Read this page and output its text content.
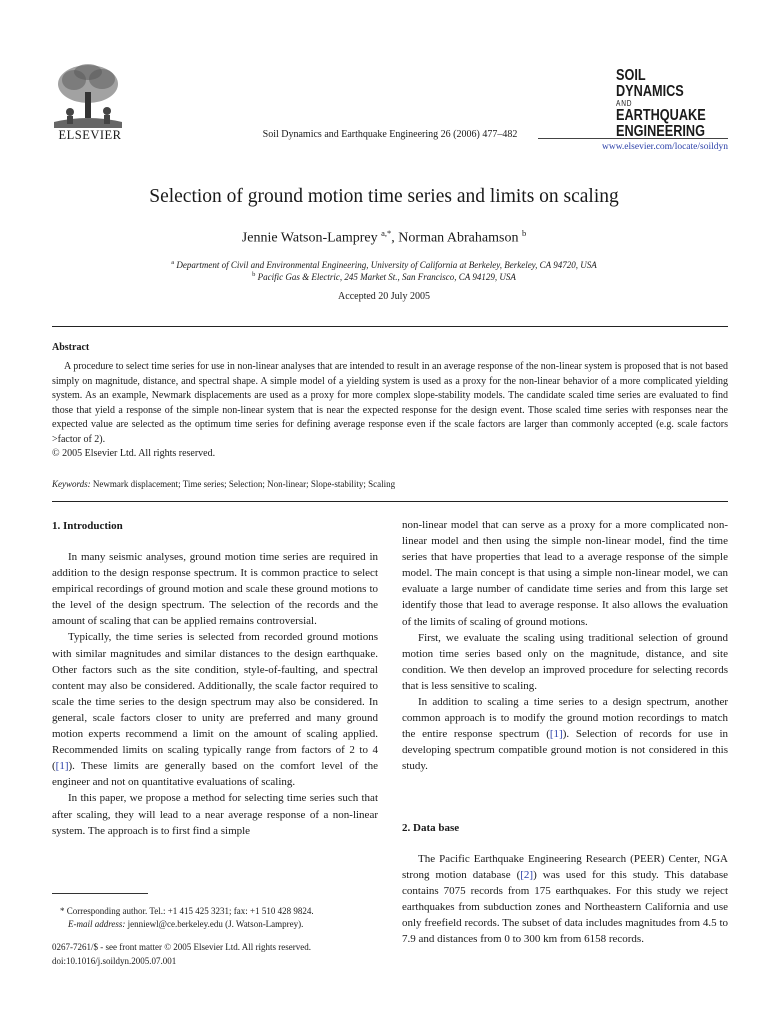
ELSEVIER	Soil Dynamics and Earthquake Engineering 26 (2006) 477–482
SOIL DYNAMICS
AND
EARTHQUAKE
ENGINEERING
www.elsevier.com/locate/soildyn
Selection of ground motion time series and limits on scaling
Jennie Watson-Lamprey $^{a,*}$, Norman Abrahamson $^b$
$^a$ Department of Civil and Environmental Engineering, University of California at Berkeley, Berkeley, CA 94720, USA
$^b$ Pacific Gas & Electric, 245 Market St., San Francisco, CA 94129, USA
Accepted 20 July 2005
Abstract
A procedure to select time series for use in non-linear analyses that are intended to result in an average response of the non-linear system is proposed that is not based simply on magnitude, distance, and spectral shape. A simple model of a yielding system is used as a proxy for the non-linear behavior of a more complicated yielding system. As an example, Newmark displacements are used as a proxy for more complex slope-stability models. The candidate scaled time series are evaluated to find those that yield a response of the simple non-linear system that is near the expected response for the design event. Those scaled time series with responses near the expected value are selected as the optimum time series for defining average response even if the scale factors are larger than commonly accepted (e.g. scale factors >factor of 2).
© 2005 Elsevier Ltd. All rights reserved.
Keywords: Newmark displacement; Time series; Selection; Non-linear; Slope-stability; Scaling
1. Introduction

In many seismic analyses, ground motion time series are required in addition to the design response spectrum. It is common practice to select empirical recordings of ground motion and scale these ground motions to the level of the design spectrum. The selection of the records and the amount of scaling that can be applied remains controversial.

Typically, the time series is selected from recorded ground motions with similar magnitudes and similar distances to the design earthquake. Other factors such as the site condition, style-of-faulting, and spectral content may also be considered. Additionally, the scale factor required to scale the time series to the design spectrum may also be considered. In general, scale factors closer to unity are preferred and many ground motion experts recommend a limit on the amount of scaling applied. Recommended limits on scaling typically range from factors of 2 to 4 ([1]). These limits are generally based on the comfort level of the engineer and not on quantitative evaluations of scaling.

In this paper, we propose a method for selecting time series such that after scaling, they will lead to a near average response of a non-linear system. The approach is to first find a simple

* Corresponding author. Tel.: +1 415 425 3231; fax: +1 510 428 9824.
E-mail address: jenniewl@ce.berkeley.edu (J. Watson-Lamprey).
0267-7261/$ - see front matter © 2005 Elsevier Ltd. All rights reserved.
doi:10.1016/j.soildyn.2005.07.001

non-linear model that can serve as a proxy for a more complicated non-linear model and then using the simple non-linear model, find the time series that have properties that lead to a average response of the simple model. The main concept is that using a simple non-linear model, we can evaluate a large number of candidate time series and from this large set identify those that lead to average response. It also allows the evaluation of the limits of scaling of ground motions.

First, we evaluate the scaling using traditional selection of ground motion time series based only on the magnitude, distance, and site condition. We then develop an improved procedure for selecting records that is less sensitive to scaling.

In addition to scaling a time series to a design spectrum, another common approach is to modify the ground motion recordings to match the entire response spectrum ([1]). Selection of records for use in developing spectrum compatible ground motion is not considered in this study.

2. Data base

The Pacific Earthquake Engineering Research (PEER) Center, NGA strong motion database ([2]) was used for this study. This database contains 7075 records from 175 earthquakes. For this study we reject earthquakes from subduction zones and Northeastern California and use only freefield records. The subset of data includes magnitudes from 4.5 to 7.9 and distances from 0 to 300 km from 6158 records.
